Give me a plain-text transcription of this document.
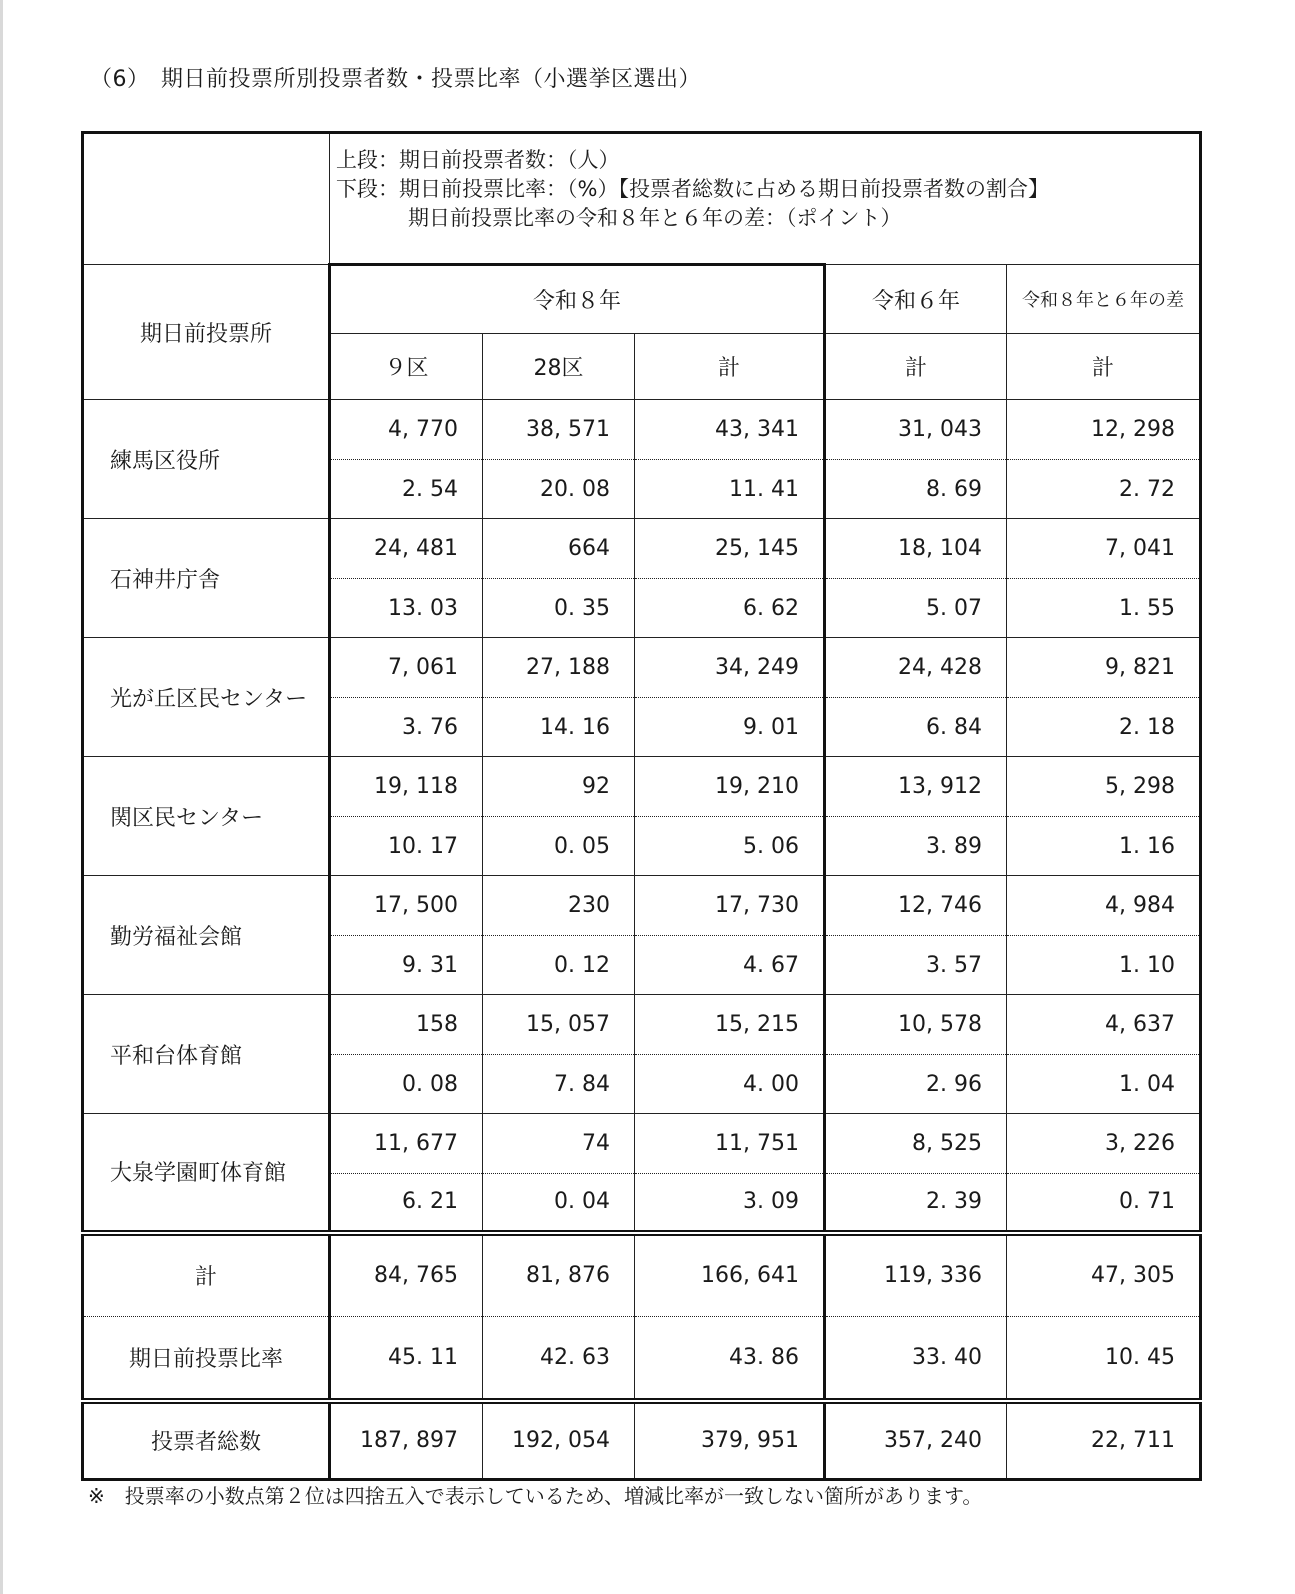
（6）　期日前投票所別投票者数・投票比率（小選挙区選出）

	上段：期日前投票者数：（人）
下段：期日前投票比率：（%）【投票者総数に占める期日前投票者数の割合】
期日前投票比率の令和８年と６年の差：（ポイント）				

期日前投票所	令和８年			令和６年	令和８年と６年の差
	９区	28区	計	計	計
練馬区役所	4, 770	38, 571	43, 341	31, 043	12, 298
	2. 54	20. 08	11. 41	8. 69	2. 72
石神井庁舎	24, 481	664	25, 145	18, 104	7, 041
	13. 03	0. 35	6. 62	5. 07	1. 55
光が丘区民センター	7, 061	27, 188	34, 249	24, 428	9, 821
	3. 76	14. 16	9. 01	6. 84	2. 18
関区民センター	19, 118	92	19, 210	13, 912	5, 298
	10. 17	0. 05	5. 06	3. 89	1. 16
勤労福祉会館	17, 500	230	17, 730	12, 746	4, 984
	9. 31	0. 12	4. 67	3. 57	1. 10
平和台体育館	158	15, 057	15, 215	10, 578	4, 637
	0. 08	7. 84	4. 00	2. 96	1. 04
大泉学園町体育館	11, 677	74	11, 751	8, 525	3, 226
	6. 21	0. 04	3. 09	2. 39	0. 71
計	84, 765	81, 876	166, 641	119, 336	47, 305
期日前投票比率	45. 11	42. 63	43. 86	33. 40	10. 45
投票者総数	187, 897	192, 054	379, 951	357, 240	22, 711
※　投票率の小数点第２位は四捨五入で表示しているため、増減比率が一致しない箇所があります。
